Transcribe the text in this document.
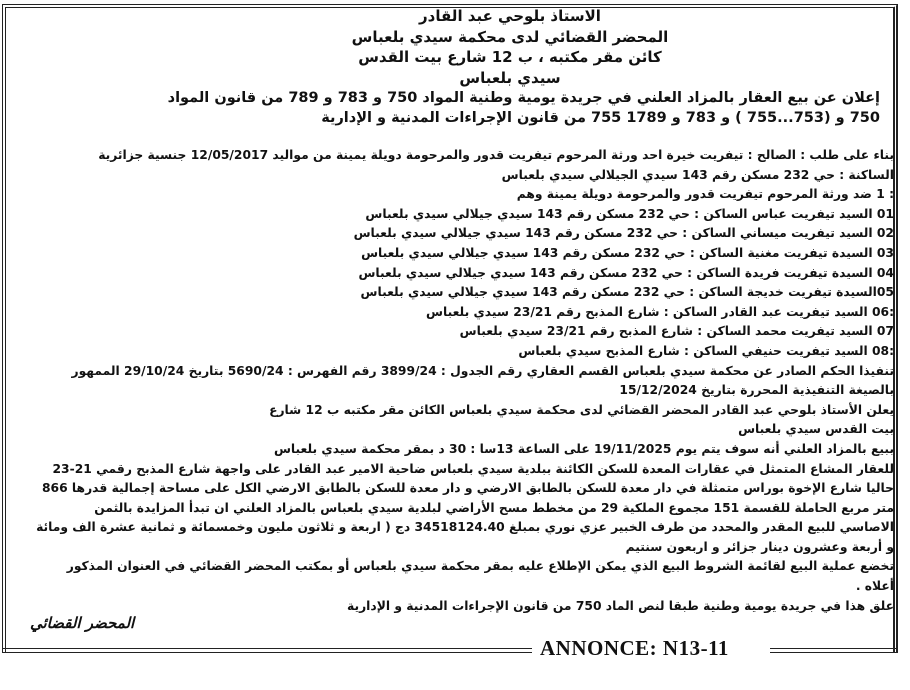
الاستاذ بلوحي عبد القادر
المحضر القضائي لدى محكمة سيدي بلعباس
كائن مقر مكتبه ، ب 12 شارع بيت القدس
سيدي بلعباس
إعلان عن بيع العقار بالمزاد العلني في جريدة يومية وطنية المواد 750 و 783 و 789 من قانون المواد
750 و (753...755 ) و 783 و 1789 755 من قانون الإجراءات المدنية و الإدارية
بناء على طلب : الصالح : تيفريت خيرة احد ورثة المرحوم تيفريت قدور والمرحومة دويلة يمينة من مواليد 12/05/2017 جنسية جزائرية
الساكنة : حي 232 مسكن رقم 143 سيدي الجيلالي سيدي بلعباس
: 1 ضد ورثة المرحوم تيفريت قدور والمرحومة دويلة يمينة وهم
01 السيد تيفريت عباس الساكن : حي 232 مسكن رقم 143 سيدي جيلالي سيدي بلعباس
02 السيد تيفريت ميساني الساكن : حي 232 مسكن رقم 143 سيدي جيلالي سيدي بلعباس
03 السيدة تيفريت مغنية الساكن : حي 232 مسكن رقم 143 سيدي جيلالي سيدي بلعباس
04 السيدة تيفريت فريدة الساكن : حي 232 مسكن رقم 143 سيدي جيلالي سيدي بلعباس
05السيدة تيفريت خديجة الساكن : حي 232 مسكن رقم 143 سيدي جيلالي سيدي بلعباس
:06 السيد تيفريت عبد القادر الساكن : شارع المذبح رقم 23/21 سيدي بلعباس
07 السيد تيفريت محمد الساكن : شارع المذبح رقم 23/21 سيدي بلعباس
:08 السيد تيفريت حنيفي الساكن : شارع المذبح سيدي بلعباس
تنفيذا الحكم الصادر عن محكمة سيدي بلعباس القسم العقاري رقم الجدول : 3899/24 رقم الفهرس : 5690/24 بتاريخ 29/10/24 الممهور
بالصيغة التنفيذية المحررة بتاريخ 15/12/2024
يعلن الأستاذ بلوحي عبد القادر المحضر القضائي لدى محكمة سيدي بلعباس الكائن مقر مكتبه ب 12 شارع
بيت القدس سيدي بلعباس
ببيع بالمزاد العلني أنه سوف يتم يوم 19/11/2025 على الساعة 13سا : 30 د بمقر محكمة سيدي بلعباس
للعقار المشاع المتمثل في عقارات المعدة للسكن الكائنة ببلدية سيدي بلعباس ضاحية الامير عبد القادر على واجهة شارع المذبح رقمي 21-23
حاليا شارع الإخوة بوراس متمثلة في دار معدة للسكن بالطابق الارضي و دار معدة للسكن بالطابق الارضي الكل على مساحة إجمالية قدرها 866
متر مربع الحاملة للقسمة 151 مجموع الملكية 29 من مخطط مسح الأراضي لبلدية سيدي بلعباس بالمزاد العلني ان تبدأ المزايدة بالثمن
الاصاسي للبيع المقدر والمحدد من طرف الخبير عزي نوري بمبلغ 34518124.40 دج ( اربعة و ثلاثون مليون وخمسمائة و ثمانية عشرة الف ومائة
و أربعة وعشرون دينار جزائر و اربعون سنتيم
تخضع عملية البيع لقائمة الشروط البيع الذي يمكن الإطلاع عليه بمقر محكمة سيدي بلعباس أو بمكتب المحضر القضائي في العنوان المذكور
أعلاه .
علق هذا في جريدة يومية وطنية طبقا لنص الماد 750 من قانون الإجراءات المدنية و الإدارية
المحضر القضائي
ANNONCE: N13-11
